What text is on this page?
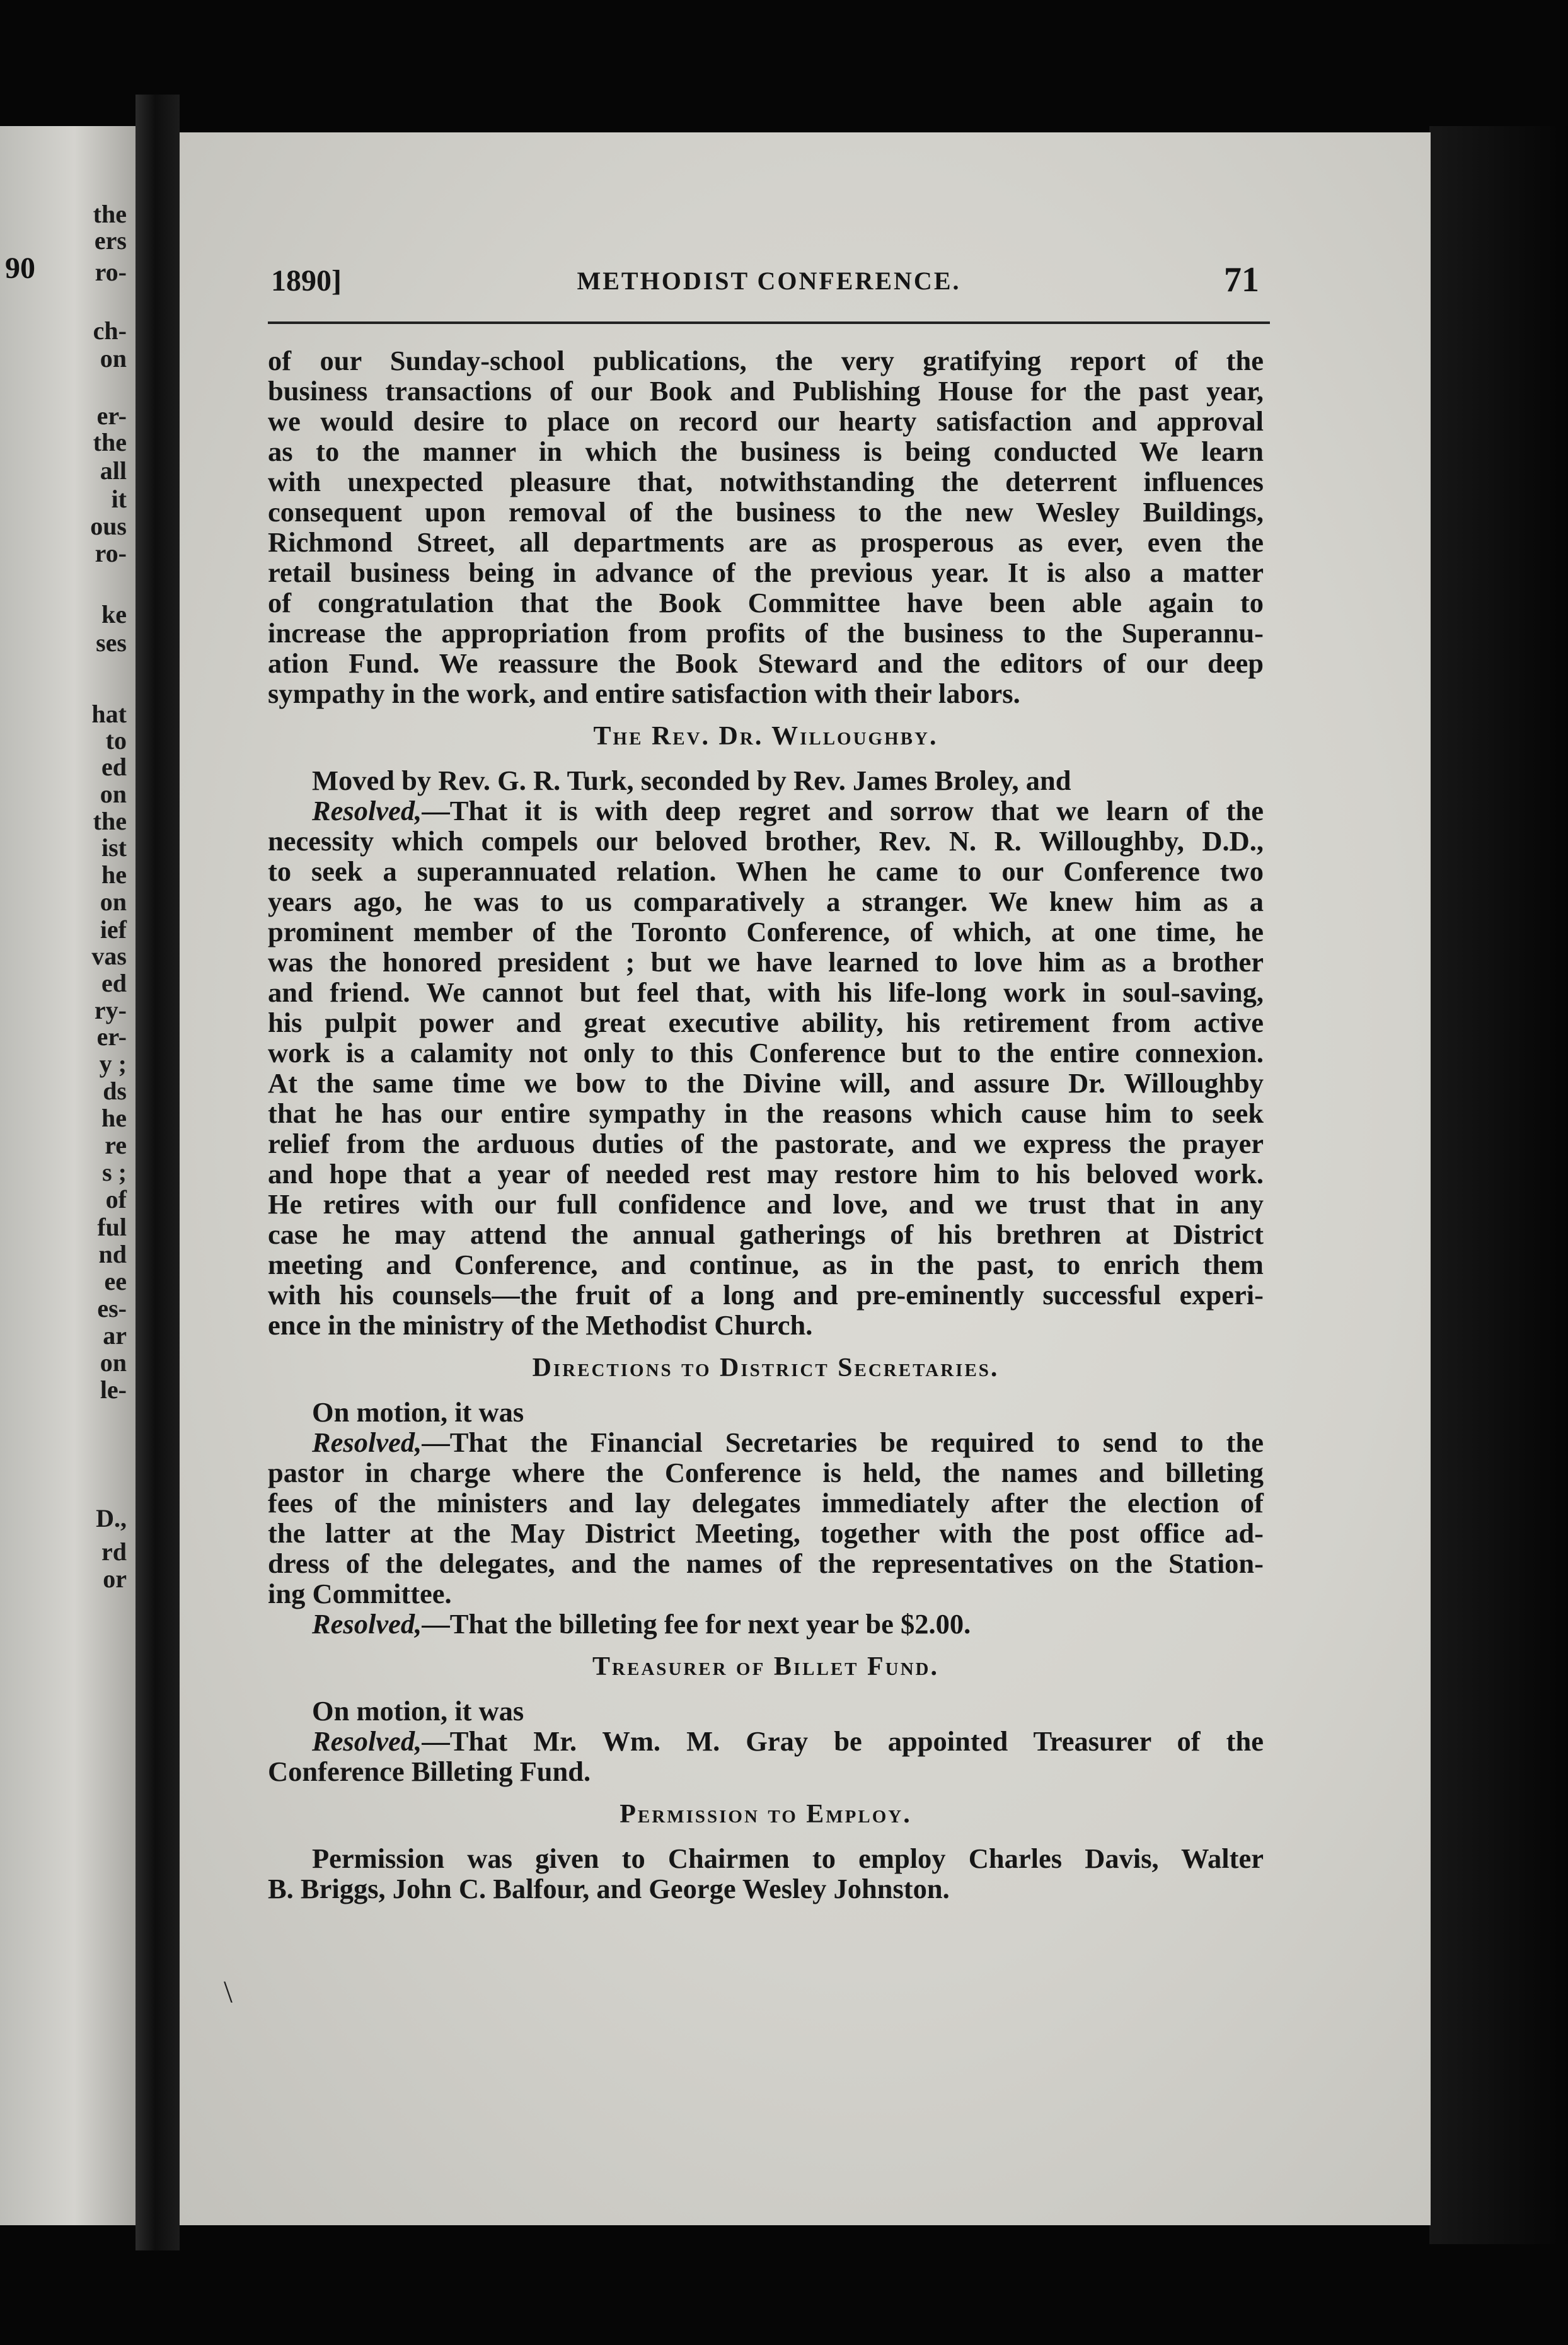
90
the
ers
ro-
ch-
on
er-
the
all
it
ous
ro-
ke
ses
hat
to
ed
on
the
ist
he
on
ief
vas
ed
ry-
er-
y ;
ds
he
re
s ;
of
ful
nd
ee
es-
ar
on
le-
D.,
rd
or
1890]	METHODIST CONFERENCE.	71
of our Sunday-school publications, the very gratifying report of the
business transactions of our Book and Publishing House for the past year,
we would desire to place on record our hearty satisfaction and approval
as to the manner in which the business is being conducted We learn
with unexpected pleasure that, notwithstanding the deterrent influences
consequent upon removal of the business to the new Wesley Buildings,
Richmond Street, all departments are as prosperous as ever, even the
retail business being in advance of the previous year. It is also a matter
of congratulation that the Book Committee have been able again to
increase the appropriation from profits of the business to the Superannu-
ation Fund. We reassure the Book Steward and the editors of our deep
sympathy in the work, and entire satisfaction with their labors.
The Rev. Dr. Willoughby.

Moved by Rev. G. R. Turk, seconded by Rev. James Broley, and

Resolved,—That it is with deep regret and sorrow that we learn of the
necessity which compels our beloved brother, Rev. N. R. Willoughby, D.D.,
to seek a superannuated relation. When he came to our Conference two
years ago, he was to us comparatively a stranger. We knew him as a
prominent member of the Toronto Conference, of which, at one time, he
was the honored president ; but we have learned to love him as a brother
and friend. We cannot but feel that, with his life-long work in soul-saving,
his pulpit power and great executive ability, his retirement from active
work is a calamity not only to this Conference but to the entire connexion.
At the same time we bow to the Divine will, and assure Dr. Willoughby
that he has our entire sympathy in the reasons which cause him to seek
relief from the arduous duties of the pastorate, and we express the prayer
and hope that a year of needed rest may restore him to his beloved work.
He retires with our full confidence and love, and we trust that in any
case he may attend the annual gatherings of his brethren at District
meeting and Conference, and continue, as in the past, to enrich them
with his counsels—the fruit of a long and pre-eminently successful experi-
ence in the ministry of the Methodist Church.
Directions to District Secretaries.

On motion, it was

Resolved,—That the Financial Secretaries be required to send to the
pastor in charge where the Conference is held, the names and billeting
fees of the ministers and lay delegates immediately after the election of
the latter at the May District Meeting, together with the post office ad-
dress of the delegates, and the names of the representatives on the Station-
ing Committee.

Resolved,—That the billeting fee for next year be $2.00.

Treasurer of Billet Fund.

On motion, it was

Resolved,—That Mr. Wm. M. Gray be appointed Treasurer of the
Conference Billeting Fund.
Permission to Employ.
Permission was given to Chairmen to employ Charles Davis, Walter
B. Briggs, John C. Balfour, and George Wesley Johnston.
\
